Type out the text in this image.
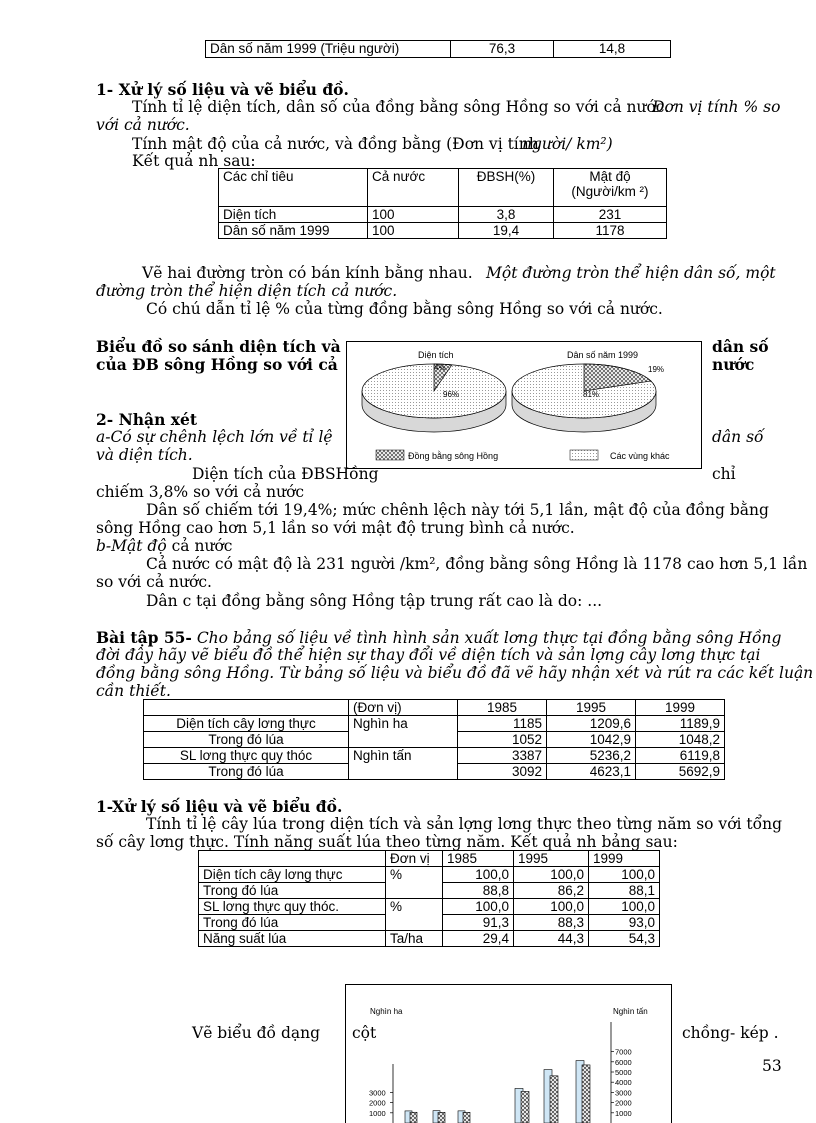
Dân số năm 1999 (Triệu người)	76,3	14,8
1- Xử lý số liệu và vẽ biểu đồ.
Tính tỉ lệ diện tích, dân số của đồng bằng sông Hồng so với cả nước.
Đơn vị tính % so
với cả nước.
Tính mật độ của cả nước, và đồng bằng (Đơn vị tính
người/ km²)
Kết quả nh sau:
Các chỉ tiêu	Cả nước	ĐBSH(%)	Mật độ
(Người/km ²)
Diện tích	100	3,8	231
Dân số năm 1999	100	19,4	1178
Vẽ hai đường tròn có bán kính bằng nhau. Một đường tròn thể hiện dân số, một
đường tròn thể hiện diện tích cả nước.
Có chú dẫn tỉ lệ % của từng đồng bằng sông Hồng so với cả nước.
Biểu đồ so sánh diện tích và
của ĐB sông Hồng so với cả
dân số
nước
Diện tích	Dân số năm 1999
4%
96%
19%
81%
Đồng bằng sông Hồng	Các vùng khác
2- Nhận xét
a-Có sự chênh lệch lớn về tỉ lệ	dân số
và diện tích.
Diện tích của ĐBSHồng	chỉ
chiếm 3,8% so với cả nước
Dân số chiếm tới 19,4%; mức chênh lệch này tới 5,1 lần, mật độ của đồng bằng
sông Hồng cao hơn 5,1 lần so với mật độ trung bình cả nước.
b-Mật độ cả nước
Cả nước có mật độ là 231 người /km², đồng bằng sông Hồng là 1178 cao hơn 5,1 lần
so với cả nước.
Dân c tại đồng bằng sông Hồng tập trung rất cao là do: ...
Bài tập 55- Cho bảng số liệu về tình hình sản xuất lơng thực tại đồng bằng sông Hồng
đời đây hãy vẽ biểu đồ thể hiện sự thay đổi về diện tích và sản lợng cây lơng thực tại
đồng bằng sông Hồng. Từ bảng số liệu và biểu đồ đã vẽ hãy nhận xét và rút ra các kết luận
cần thiết.
	(Đơn vị)	1985	1995	1999
Diện tích cây lơng thực	Nghìn ha	1185	1209,6	1189,9
Trong đó lúa		1052	1042,9	1048,2
SL lơng thực quy thóc	Nghìn tấn	3387	5236,2	6119,8
Trong đó lúa		3092	4623,1	5692,9
1-Xử lý số liệu và vẽ biểu đồ.
Tính tỉ lệ cây lúa trong diện tích và sản lợng lơng thực theo từng năm so với tổng
số cây lơng thực. Tính năng suất lúa theo từng năm. Kết quả nh bảng sau:
	Đơn vị	1985	1995	1999
Diện tích cây lơng thực	%	100,0	100,0	100,0
Trong đó lúa		88,8	86,2	88,1
SL lơng thực quy thóc.	%	100,0	100,0	100,0
Trong đó lúa		91,3	88,3	93,0
Năng suất lúa	Ta/ha	29,4	44,3	54,3
Vẽ biểu đồ dạng cột	chồng- kép .
53
Nghìn ha	Nghìn tấn
3000
2000
1000
7000
6000
5000
4000
3000
2000
1000
